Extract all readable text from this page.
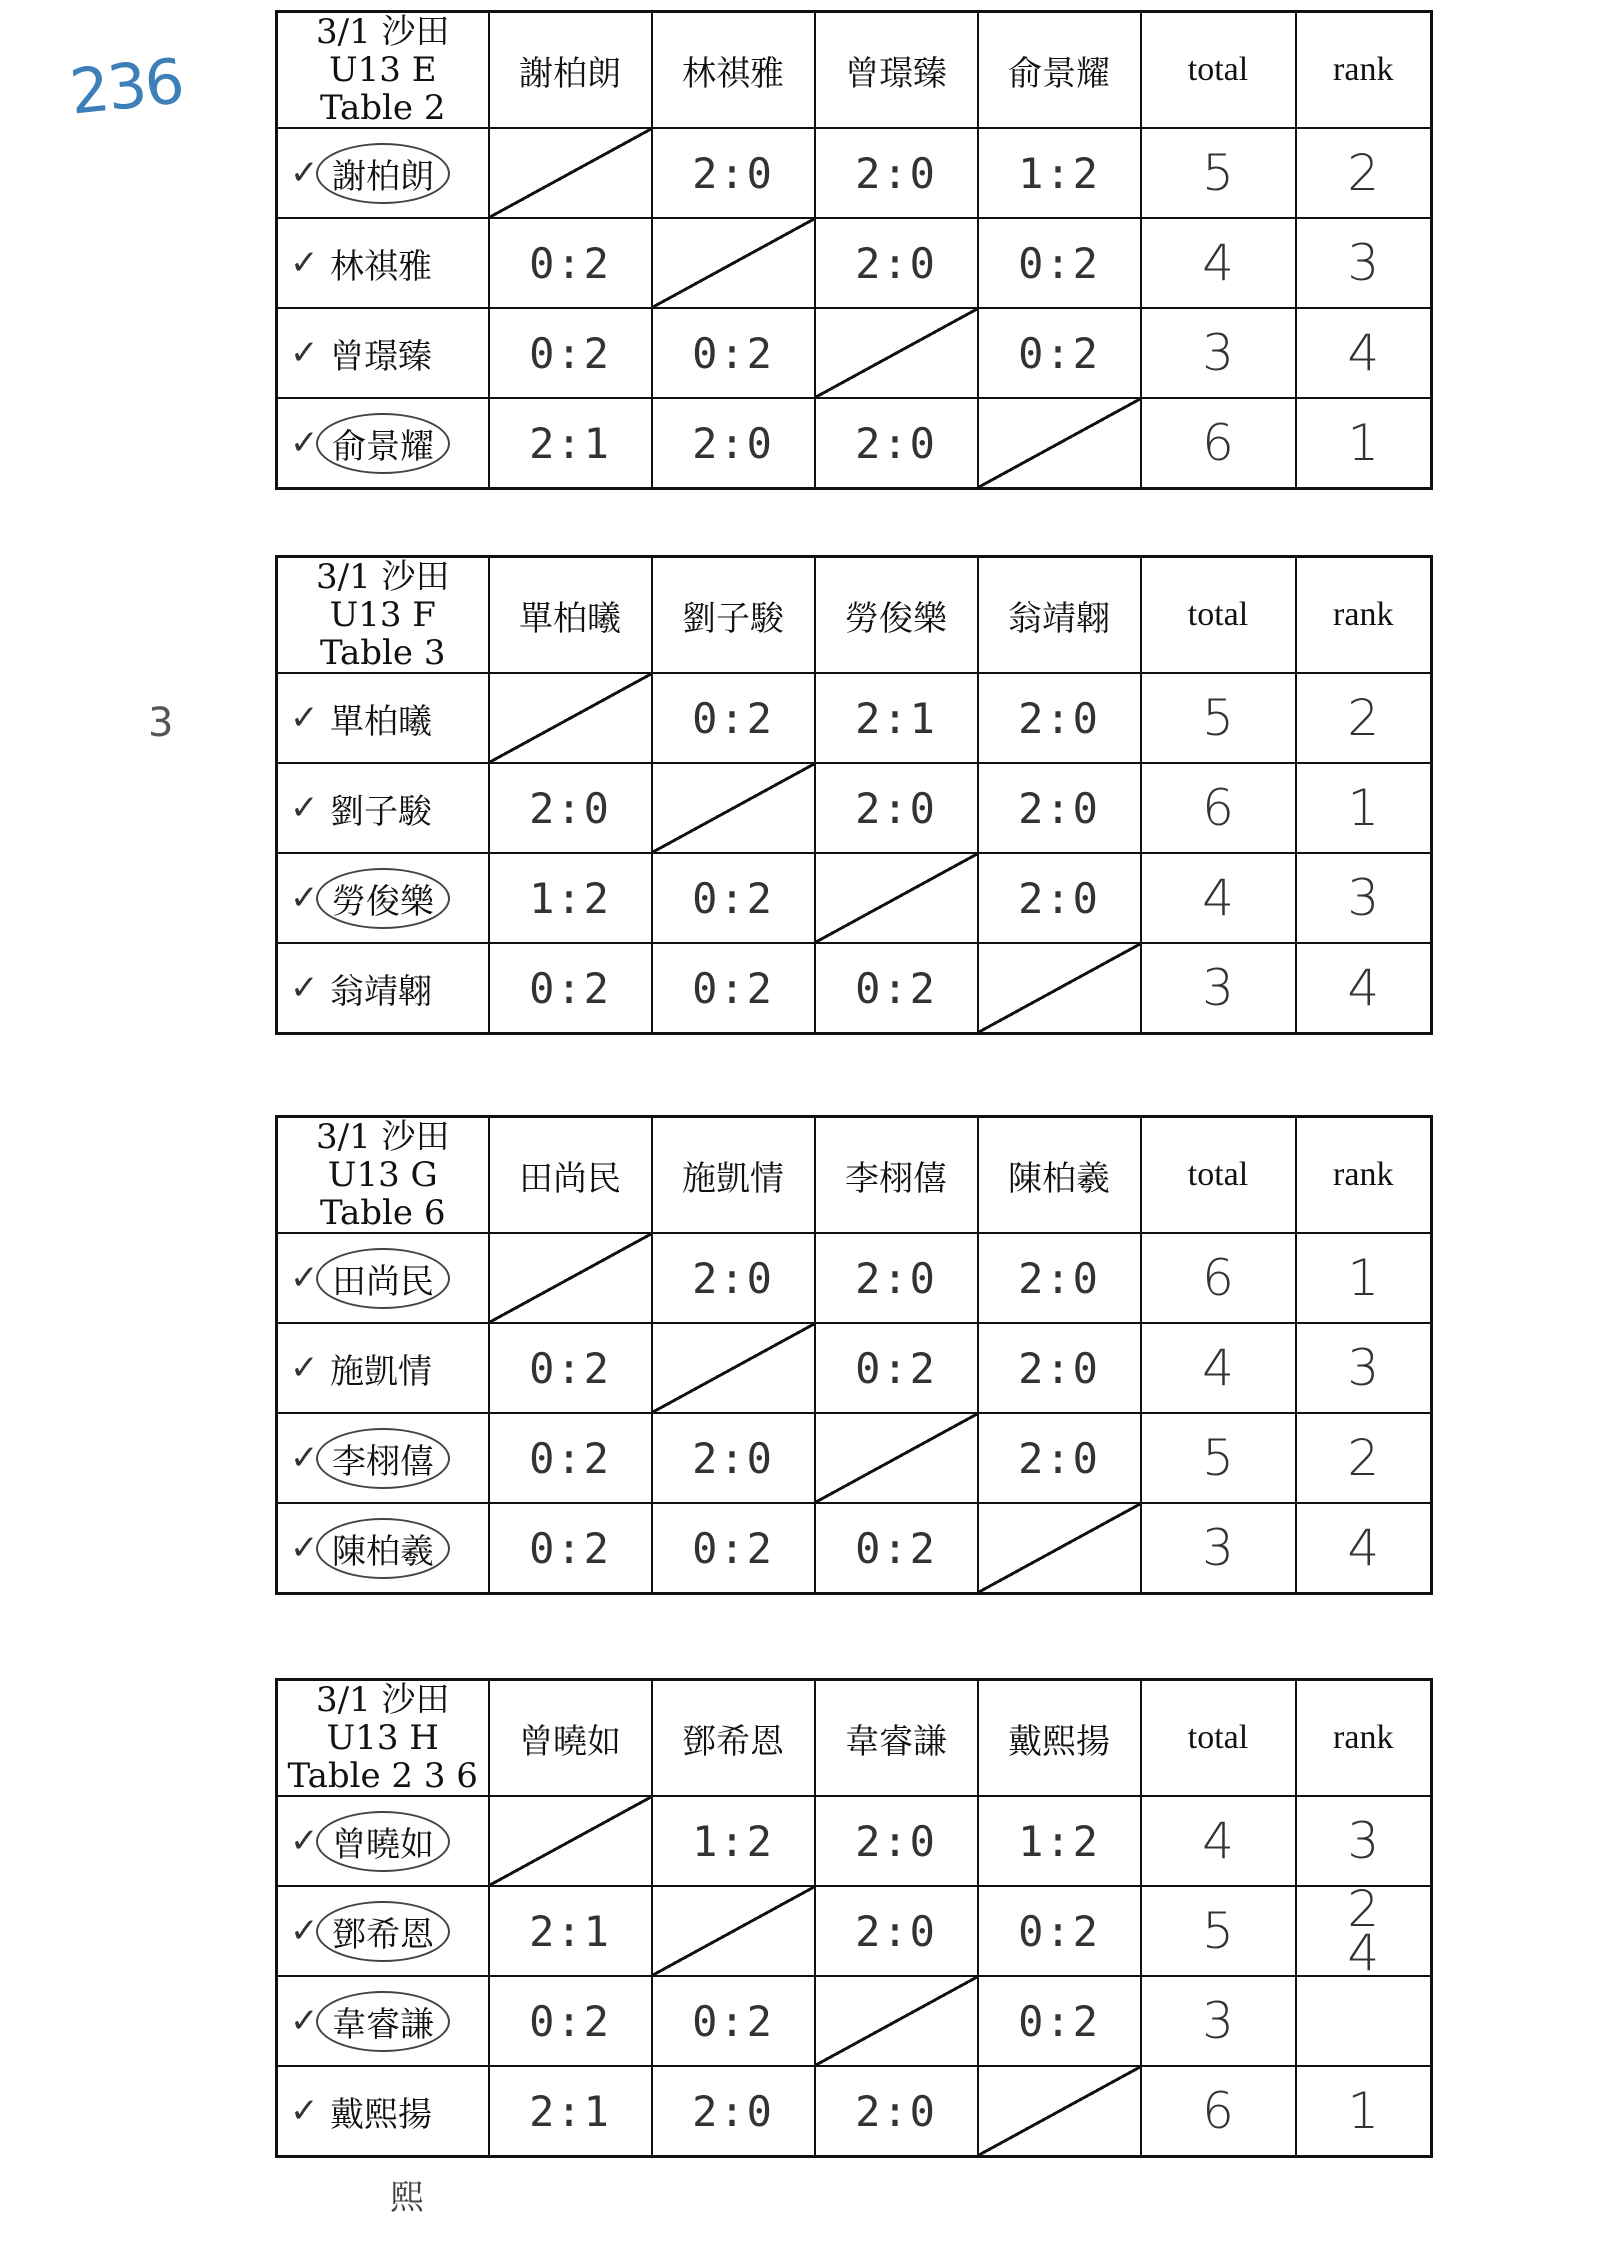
236
3
3/1 沙田 U13 E
Table 2	謝柏朗	林祺雅	曾璟臻	俞景耀	total	rank
✓ 謝柏朗		2:0	2:0	1:2	5	2

✓ 林祺雅	0:2		2:0	0:2	4	3

✓ 曾璟臻	0:2	0:2		0:2	3	4

✓ 俞景耀	2:1	2:0	2:0		6	1
3/1 沙田 U13 F
Table 3	單柏曦	劉子駿	勞俊樂	翁靖翺	total	rank
✓ 單柏曦		0:2	2:1	2:0	5	2

✓ 劉子駿	2:0		2:0	2:0	6	1

✓ 勞俊樂	1:2	0:2		2:0	4	3

✓ 翁靖翺	0:2	0:2	0:2		3	4
3/1 沙田 U13 G
Table 6	田尚民	施凱情	李栩僖	陳柏羲	total	rank
✓ 田尚民		2:0	2:0	2:0	6	1

✓ 施凱情	0:2		0:2	2:0	4	3

✓ 李栩僖	0:2	2:0		2:0	5	2

✓ 陳柏羲	0:2	0:2	0:2		3	4
3/1 沙田 U13 H
Table 2 3 6	曾曉如	鄧希恩	韋睿謙	戴熙揚	total	rank
✓ 曾曉如		1:2	2:0	1:2	4	3

✓ 鄧希恩	2:1		2:0	0:2	5	2
4

✓ 韋睿謙	0:2	0:2		0:2	3	

✓ 戴熙揚	2:1	2:0	2:0		6	1
熙
